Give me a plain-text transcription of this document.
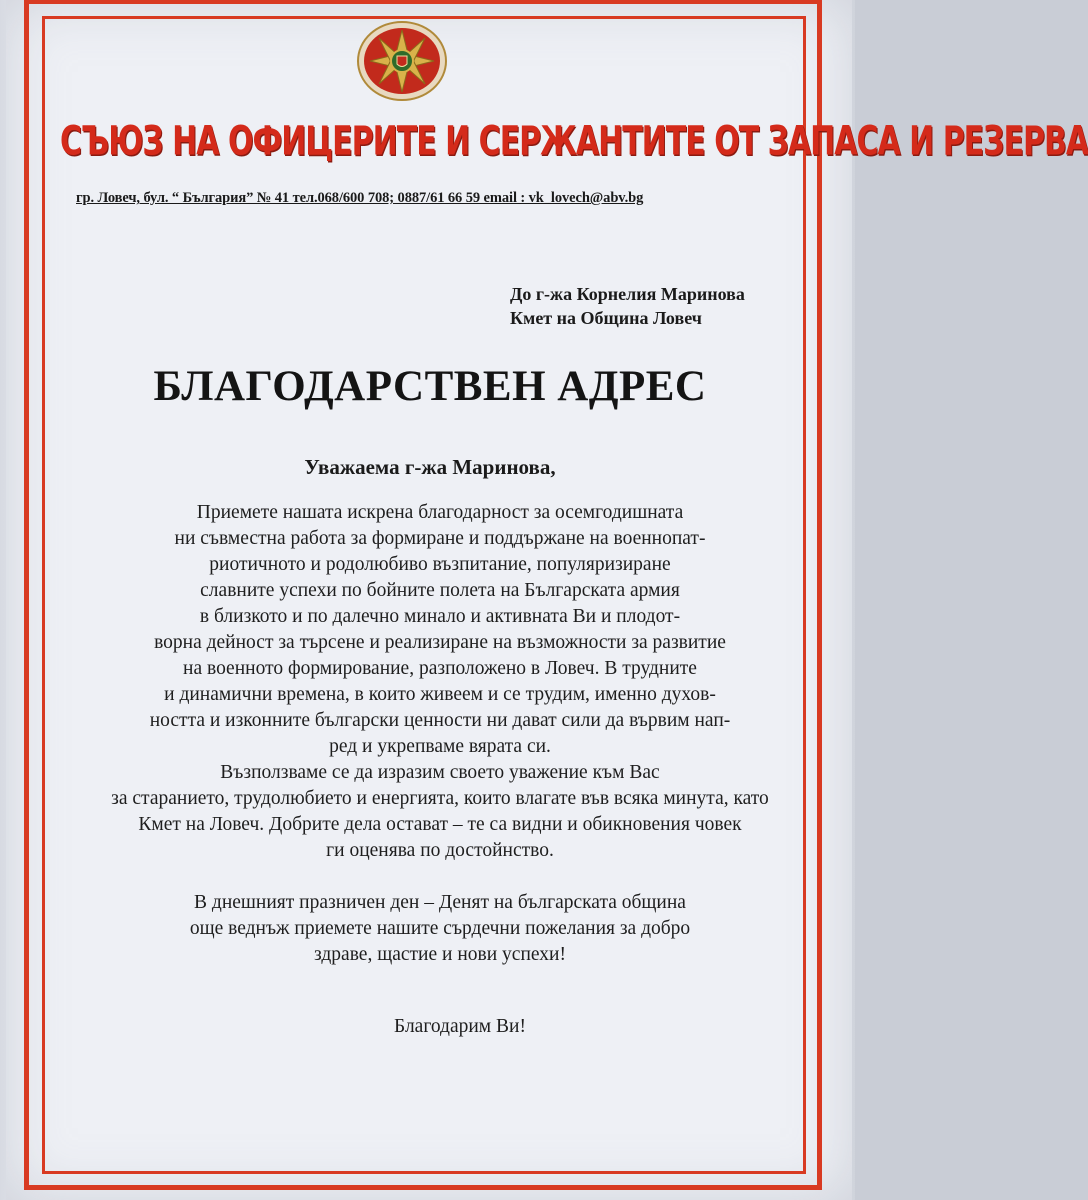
СЪЮЗ НА ОФИЦЕРИТЕ И СЕРЖАНТИТЕ ОТ ЗАПАСА И РЕЗЕРВА
гр. Ловеч, бул. “ България” № 41 тел.068/600 708; 0887/61 66 59 email : vk_lovech@abv.bg
До г-жа Корнелия Маринова
Кмет на Община Ловеч
БЛАГОДАРСТВЕН АДРЕС
Уважаема г-жа Маринова,
Приемете нашата искрена благодарност за осемгодишната
ни съвместна работа за формиране и поддържане на военнопат-
риотичното и родолюбиво възпитание, популяризиране
славните успехи по бойните полета на Българската армия
в близкото и по далечно минало и активната Ви и плодот-
ворна дейност за търсене и реализиране на възможности за развитие
на военното формирование, разположено в Ловеч. В трудните
и динамични времена, в които живеем и се трудим, именно духов-
ността и изконните български ценности ни дават сили да вървим нап-
ред и укрепваме вярата си.
Възползваме се да изразим своето уважение към Вас
за старанието, трудолюбието и енергията, които влагате във всяка минута, като
Кмет на Ловеч. Добрите дела остават – те са видни и обикновения човек
ги оценява по достойнство.
В днешният празничен ден – Денят на българската община
още веднъж приемете нашите сърдечни пожелания за добро
здраве, щастие и нови успехи!
Благодарим Ви!
